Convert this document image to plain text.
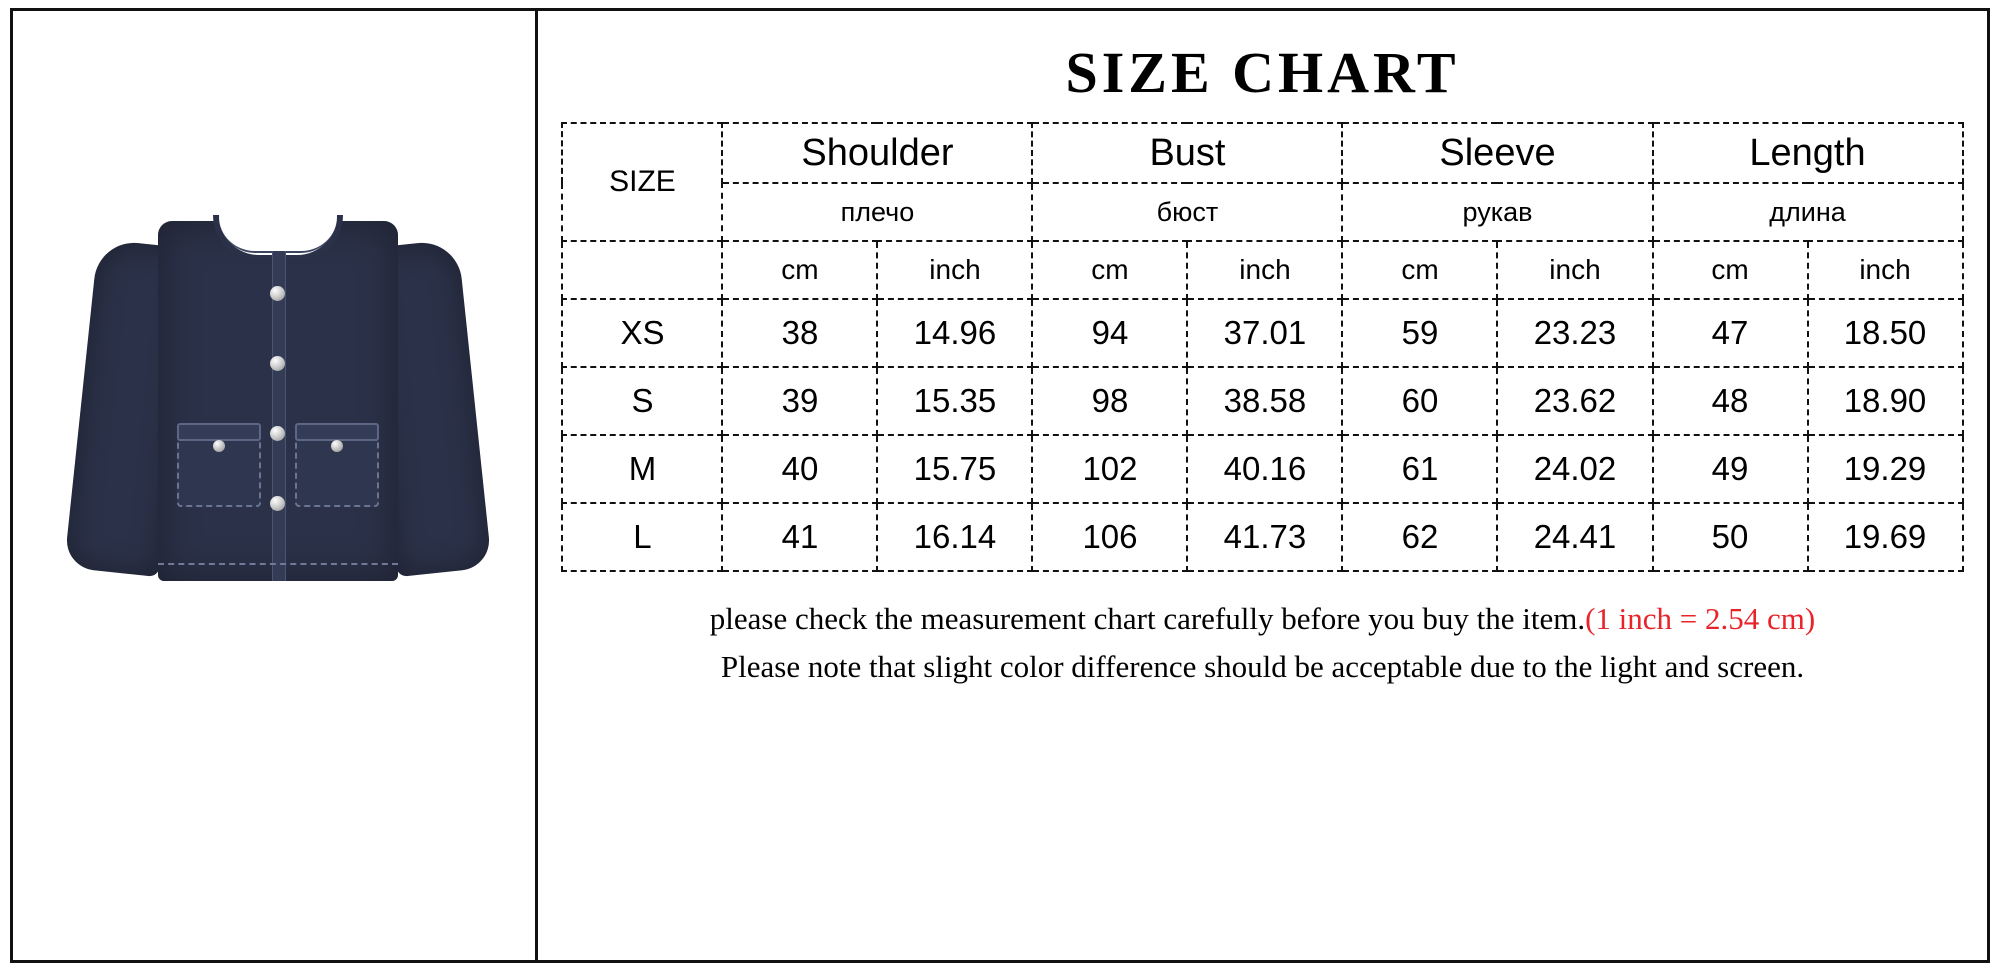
SIZE CHART
SIZE	Shoulder		Bust		Sleeve		Length	
	плечо		бюст		рукав		длина	
	cm	inch	cm	inch	cm	inch	cm	inch
XS	38	14.96	94	37.01	59	23.23	47	18.50
S	39	15.35	98	38.58	60	23.62	48	18.90
M	40	15.75	102	40.16	61	24.02	49	19.29
L	41	16.14	106	41.73	62	24.41	50	19.69
please check the measurement chart carefully before you buy the item.(1 inch = 2.54 cm)
Please note that slight color difference should be acceptable due to the light and screen.
